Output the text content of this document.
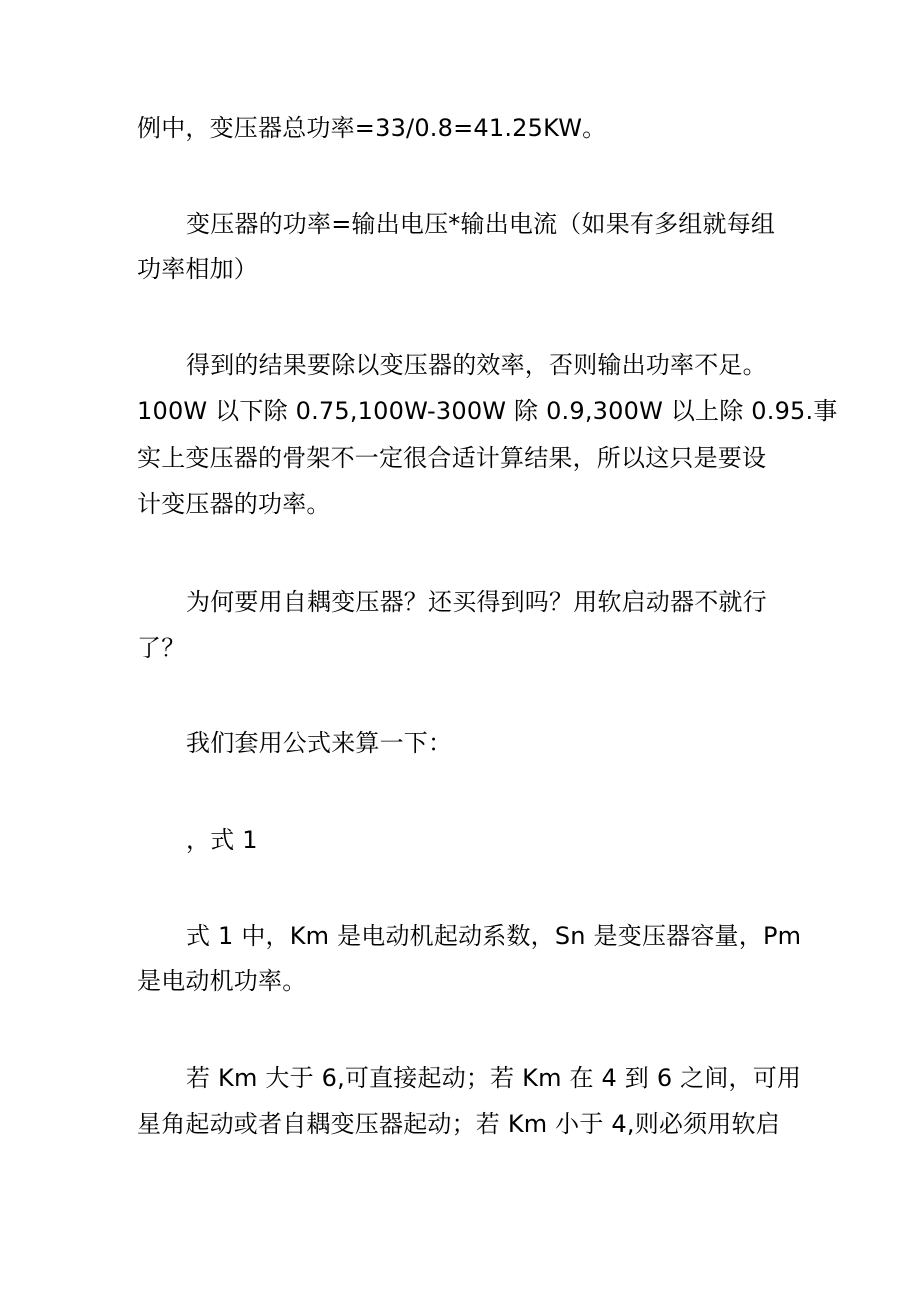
例中，变压器总功率=33/0.8=41.25KW。
变压器的功率=输出电压*输出电流（如果有多组就每组
功率相加）
得到的结果要除以变压器的效率，否则输出功率不足。
100W 以下除 0.75,100W-300W 除 0.9,300W 以上除 0.95.事
实上变压器的骨架不一定很合适计算结果，所以这只是要设
计变压器的功率。
为何要用自耦变压器？还买得到吗？用软启动器不就行
了？
我们套用公式来算一下：
，式 1
式 1 中，Km 是电动机起动系数，Sn 是变压器容量，Pm
是电动机功率。
若 Km 大于 6,可直接起动；若 Km 在 4 到 6 之间，可用
星角起动或者自耦变压器起动；若 Km 小于 4,则必须用软启
